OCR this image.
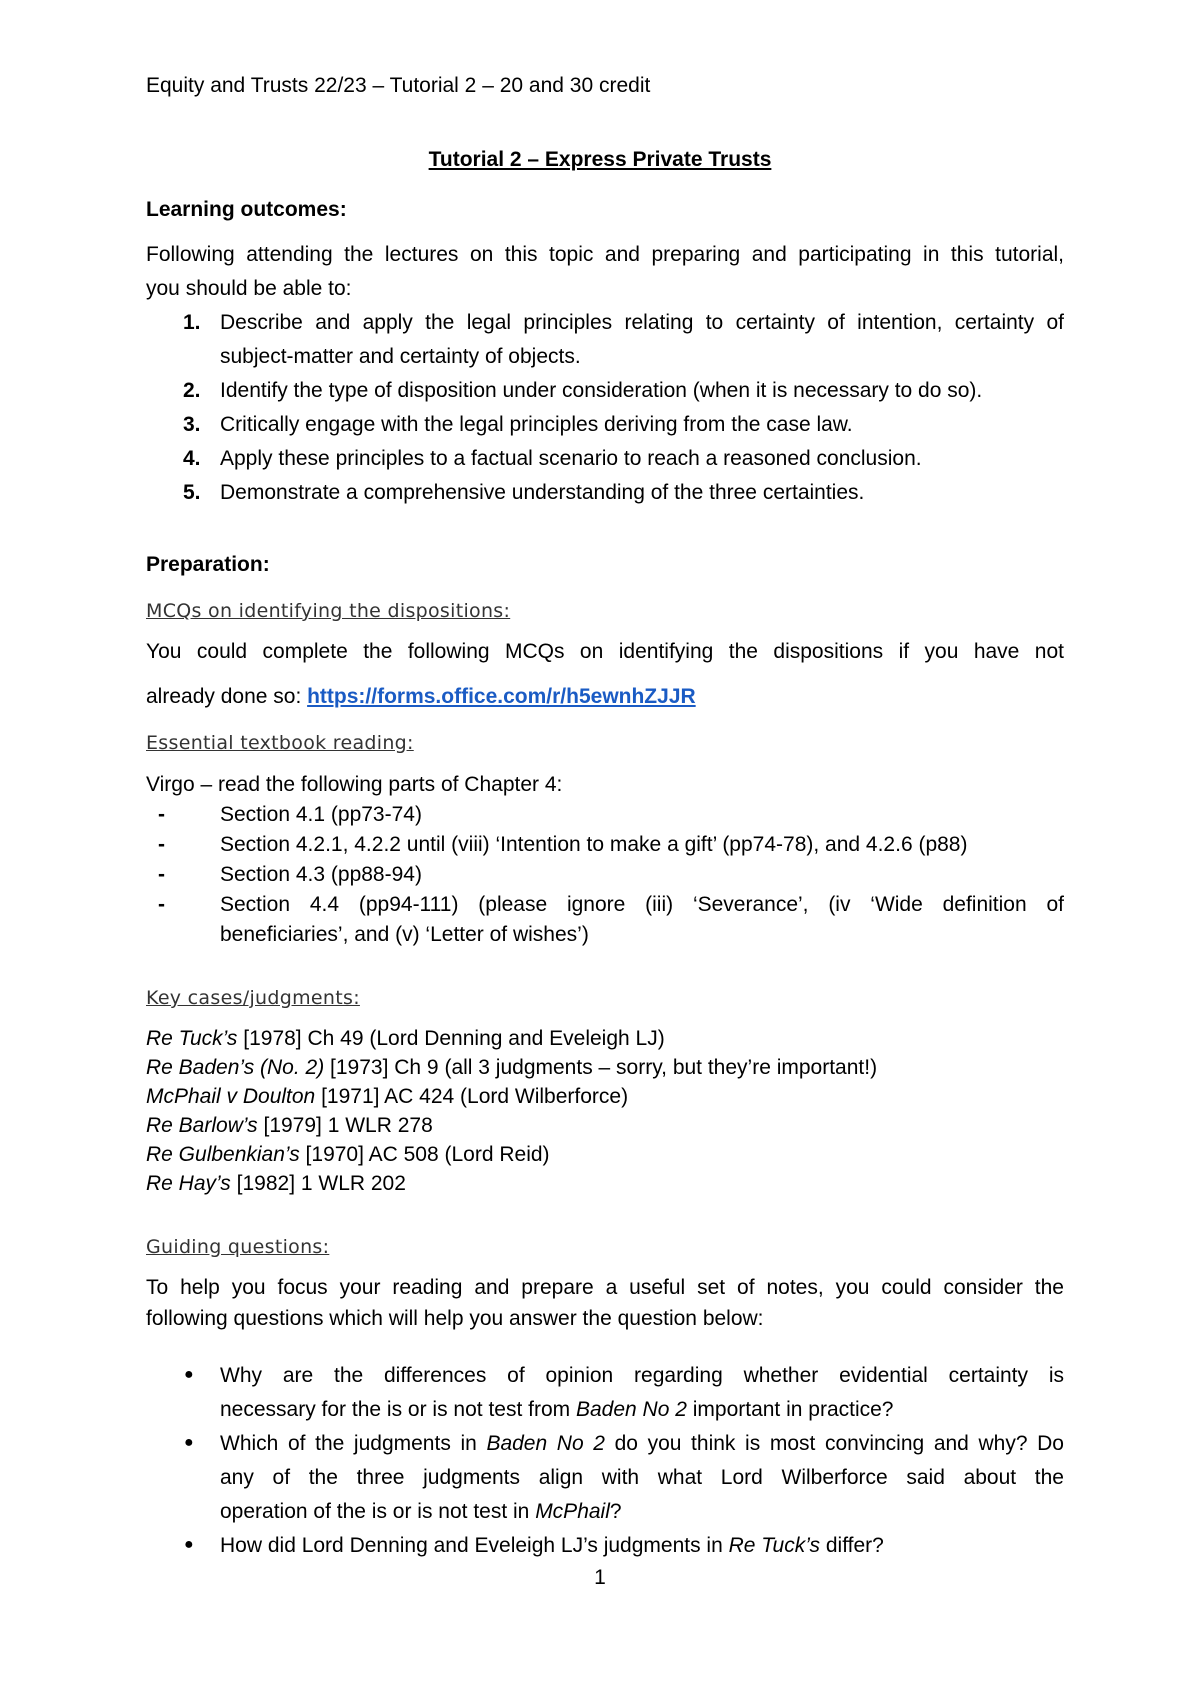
Equity and Trusts 22/23 – Tutorial 2 – 20 and 30 credit
Tutorial 2 – Express Private Trusts
Learning outcomes:
Following attending the lectures on this topic and preparing and participating in this tutorial,
you should be able to:
1. Describe and apply the legal principles relating to certainty of intention, certainty of
subject-matter and certainty of objects.
2. Identify the type of disposition under consideration (when it is necessary to do so).
3. Critically engage with the legal principles deriving from the case law.
4. Apply these principles to a factual scenario to reach a reasoned conclusion.
5. Demonstrate a comprehensive understanding of the three certainties.
Preparation:
MCQs on identifying the dispositions:
You could complete the following MCQs on identifying the dispositions if you have not
already done so: https://forms.office.com/r/h5ewnhZJJR
Essential textbook reading:
Virgo – read the following parts of Chapter 4:
-	Section 4.1 (pp73-74)
-	Section 4.2.1, 4.2.2 until (viii) ‘Intention to make a gift’ (pp74-78), and 4.2.6 (p88)
-	Section 4.3 (pp88-94)
-	Section 4.4 (pp94-111) (please ignore (iii) ‘Severance’, (iv ‘Wide definition of
beneficiaries’, and (v) ‘Letter of wishes’)
Key cases/judgments:
Re Tuck’s [1978] Ch 49 (Lord Denning and Eveleigh LJ)
Re Baden’s (No. 2) [1973] Ch 9 (all 3 judgments – sorry, but they’re important!)
McPhail v Doulton [1971] AC 424 (Lord Wilberforce)
Re Barlow’s [1979] 1 WLR 278
Re Gulbenkian’s [1970] AC 508 (Lord Reid)
Re Hay’s [1982] 1 WLR 202
Guiding questions:
To help you focus your reading and prepare a useful set of notes, you could consider the
following questions which will help you answer the question below:
● Why are the differences of opinion regarding whether evidential certainty is
necessary for the is or is not test from Baden No 2 important in practice?
● Which of the judgments in Baden No 2 do you think is most convincing and why? Do
any of the three judgments align with what Lord Wilberforce said about the
operation of the is or is not test in McPhail?
● How did Lord Denning and Eveleigh LJ’s judgments in Re Tuck’s differ?
1
